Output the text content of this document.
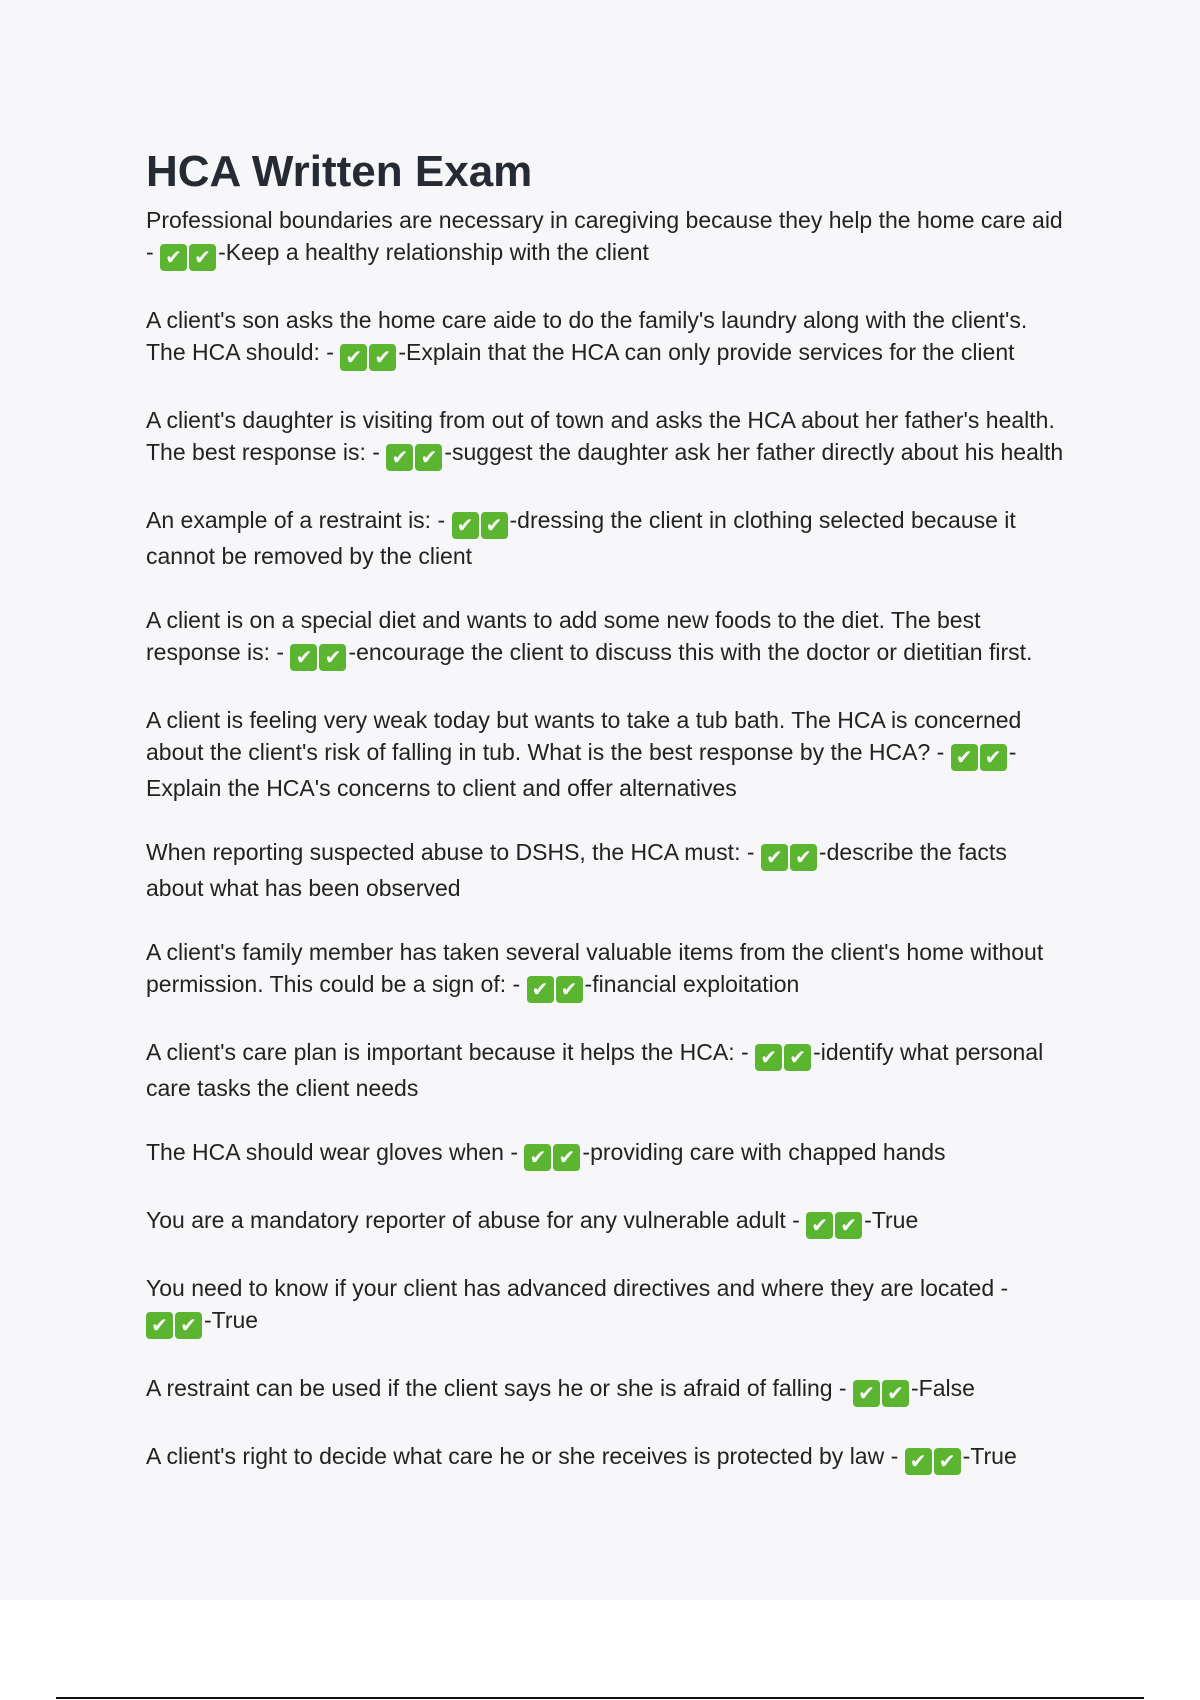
HCA Written Exam

Professional boundaries are necessary in caregiving because they help the home care aid - ✔ ✔ -Keep a healthy relationship with the client

A client's son asks the home care aide to do the family's laundry along with the client's. The HCA should: - ✔ ✔ -Explain that the HCA can only provide services for the client

A client's daughter is visiting from out of town and asks the HCA about her father's health. The best response is: - ✔ ✔ -suggest the daughter ask her father directly about his health

An example of a restraint is: - ✔ ✔ -dressing the client in clothing selected because it cannot be removed by the client

A client is on a special diet and wants to add some new foods to the diet. The best response is: - ✔ ✔ -encourage the client to discuss this with the doctor or dietitian first.

A client is feeling very weak today but wants to take a tub bath. The HCA is concerned about the client's risk of falling in tub. What is the best response by the HCA? - ✔ ✔ -Explain the HCA's concerns to client and offer alternatives

When reporting suspected abuse to DSHS, the HCA must: - ✔ ✔ -describe the facts about what has been observed

A client's family member has taken several valuable items from the client's home without permission. This could be a sign of: - ✔ ✔ -financial exploitation

A client's care plan is important because it helps the HCA: - ✔ ✔ -identify what personal care tasks the client needs

The HCA should wear gloves when - ✔ ✔ -providing care with chapped hands

You are a mandatory reporter of abuse for any vulnerable adult - ✔ ✔ -True

You need to know if your client has advanced directives and where they are located - ✔ ✔ -True

A restraint can be used if the client says he or she is afraid of falling - ✔ ✔ -False

A client's right to decide what care he or she receives is protected by law - ✔ ✔ -True
